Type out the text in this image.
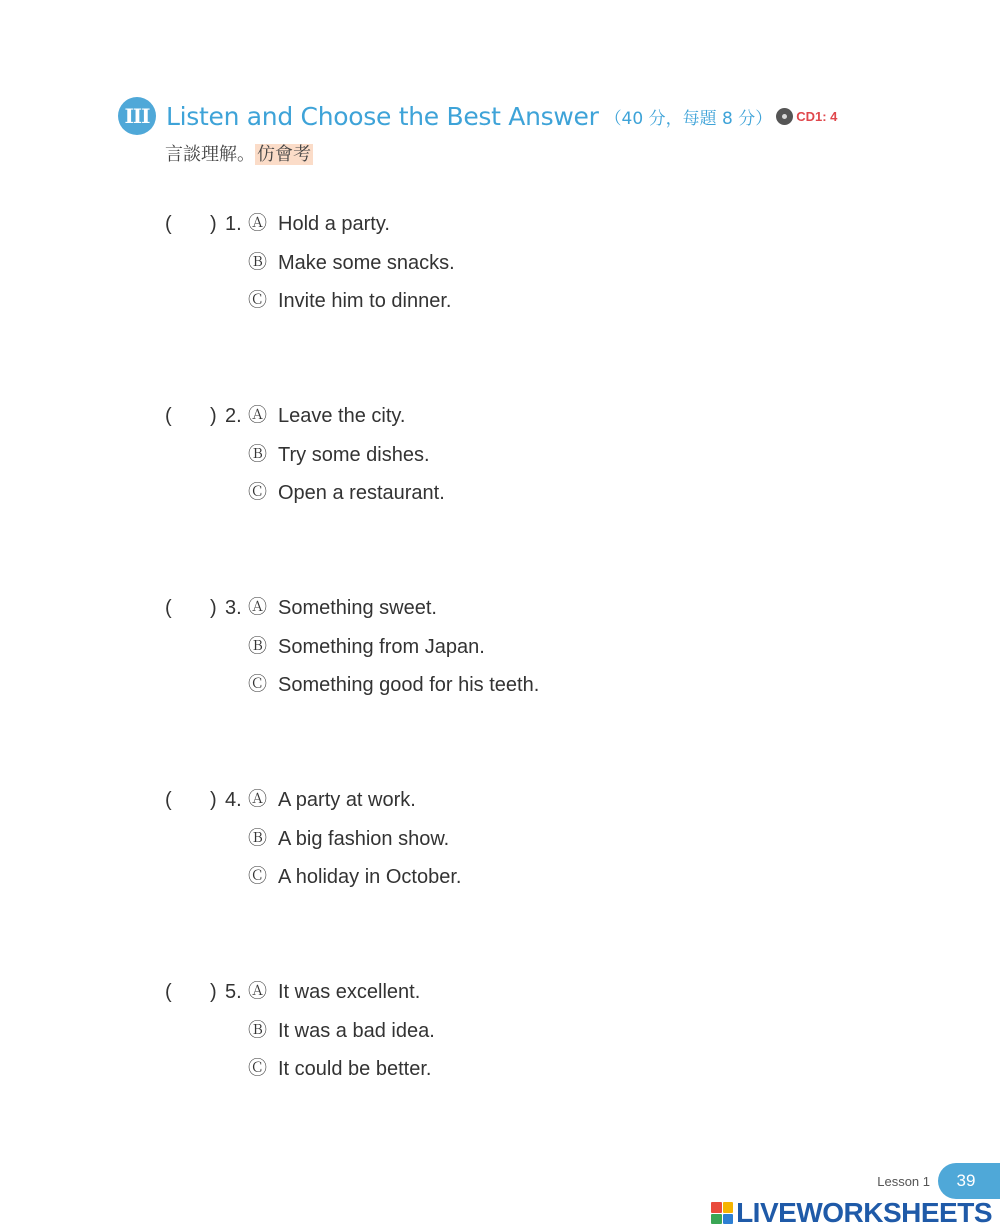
III Listen and Choose the Best Answer （40 分，每題 8 分） CD1: 4
言談理解。 仿會考
( ) 1. Ⓐ Hold a party.
Ⓑ Make some snacks.
Ⓒ Invite him to dinner.
( ) 2. Ⓐ Leave the city.
Ⓑ Try some dishes.
Ⓒ Open a restaurant.
( ) 3. Ⓐ Something sweet.
Ⓑ Something from Japan.
Ⓒ Something good for his teeth.
( ) 4. Ⓐ A party at work.
Ⓑ A big fashion show.
Ⓒ A holiday in October.
( ) 5. Ⓐ It was excellent.
Ⓑ It was a bad idea.
Ⓒ It could be better.
Lesson 1	39
LIVEWORKSHEETS
